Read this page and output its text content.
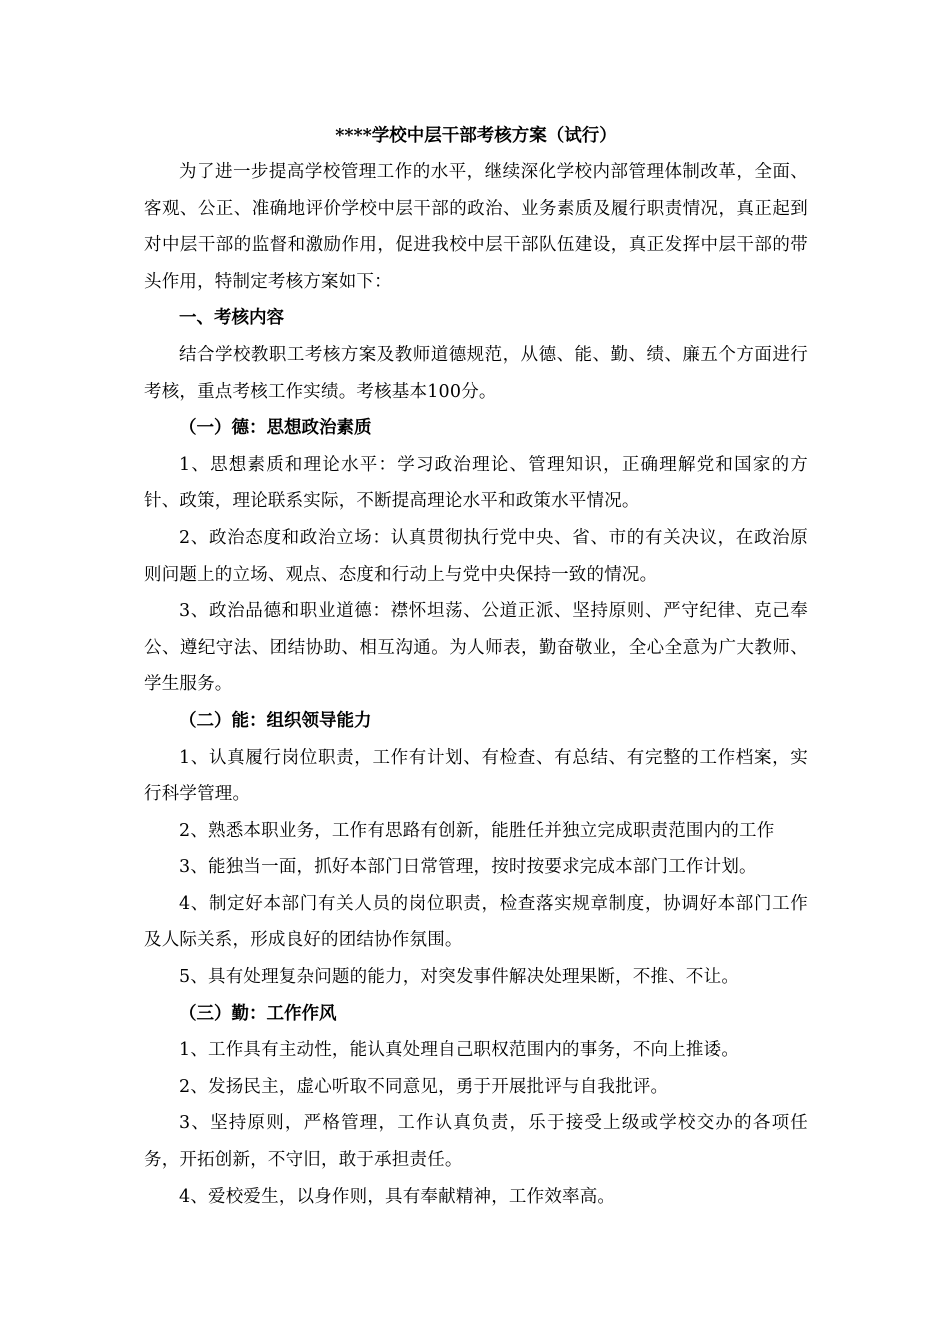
****学校中层干部考核方案（试行）

为了进一步提高学校管理工作的水平，继续深化学校内部管理体制改革，全面、客观、公正、准确地评价学校中层干部的政治、业务素质及履行职责情况，真正起到对中层干部的监督和激励作用，促进我校中层干部队伍建设，真正发挥中层干部的带头作用，特制定考核方案如下：

一、考核内容

结合学校教职工考核方案及教师道德规范，从德、能、勤、绩、廉五个方面进行考核，重点考核工作实绩。考核基本100分。

（一）德：思想政治素质

1、思想素质和理论水平：学习政治理论、管理知识，正确理解党和国家的方针、政策，理论联系实际，不断提高理论水平和政策水平情况。

2、政治态度和政治立场：认真贯彻执行党中央、省、市的有关决议，在政治原则问题上的立场、观点、态度和行动上与党中央保持一致的情况。

3、政治品德和职业道德：襟怀坦荡、公道正派、坚持原则、严守纪律、克己奉公、遵纪守法、团结协助、相互沟通。为人师表，勤奋敬业，全心全意为广大教师、学生服务。

（二）能：组织领导能力

1、认真履行岗位职责，工作有计划、有检查、有总结、有完整的工作档案，实行科学管理。

2、熟悉本职业务，工作有思路有创新，能胜任并独立完成职责范围内的工作

3、能独当一面，抓好本部门日常管理，按时按要求完成本部门工作计划。

4、制定好本部门有关人员的岗位职责，检查落实规章制度，协调好本部门工作及人际关系，形成良好的团结协作氛围。

5、具有处理复杂问题的能力，对突发事件解决处理果断，不推、不让。

（三）勤：工作作风

1、工作具有主动性，能认真处理自己职权范围内的事务，不向上推诿。

2、发扬民主，虚心听取不同意见，勇于开展批评与自我批评。

3、坚持原则，严格管理，工作认真负责，乐于接受上级或学校交办的各项任务，开拓创新，不守旧，敢于承担责任。

4、爱校爱生，以身作则，具有奉献精神，工作效率高。
